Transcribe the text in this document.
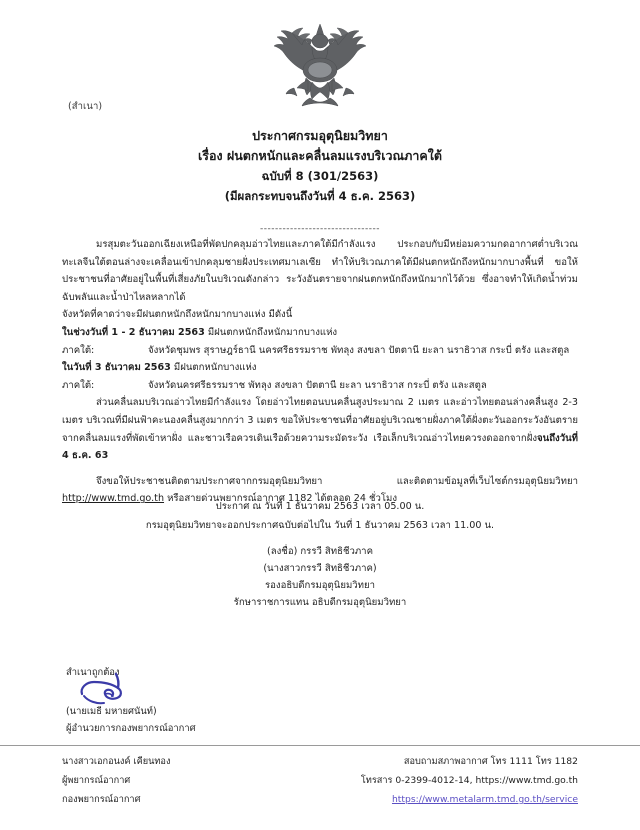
(สำเนา)
ประกาศกรมอุตุนิยมวิทยา
เรื่อง ฝนตกหนักและคลื่นลมแรงบริเวณภาคใต้
ฉบับที่ 8 (301/2563)
(มีผลกระทบจนถึงวันที่ 4 ธ.ค. 2563)
--------------------------------

มรสุมตะวันออกเฉียงเหนือที่พัดปกคลุมอ่าวไทยและภาคใต้มีกำลังแรง ประกอบกับมีหย่อมความกดอากาศต่ำบริเวณทะเลจีนใต้ตอนล่างจะเคลื่อนเข้าปกคลุมชายฝั่งประเทศมาเลเซีย ทำให้บริเวณภาคใต้มีฝนตกหนักถึงหนักมากบางพื้นที่ ขอให้ประชาชนที่อาศัยอยู่ในพื้นที่เสี่ยงภัยในบริเวณดังกล่าว ระวังอันตรายจากฝนตกหนักถึงหนักมากไว้ด้วย ซึ่งอาจทำให้เกิดน้ำท่วมฉับพลันและน้ำป่าไหลหลากได้

จังหวัดที่คาดว่าจะมีฝนตกหนักถึงหนักมากบางแห่ง มีดังนี้

ในช่วงวันที่ 1 - 2 ธันวาคม 2563 มีฝนตกหนักถึงหนักมากบางแห่ง

ภาคใต้:	จังหวัดชุมพร สุราษฎร์ธานี นครศรีธรรมราช พัทลุง สงขลา ปัตตานี ยะลา นราธิวาส กระบี่ ตรัง และสตูล

ในวันที่ 3 ธันวาคม 2563 มีฝนตกหนักบางแห่ง

ภาคใต้:	จังหวัดนครศรีธรรมราช พัทลุง สงขลา ปัตตานี ยะลา นราธิวาส กระบี่ ตรัง และสตูล

ส่วนคลื่นลมบริเวณอ่าวไทยมีกำลังแรง โดยอ่าวไทยตอนบนคลื่นสูงประมาณ 2 เมตร และอ่าวไทยตอนล่างคลื่นสูง 2-3 เมตร บริเวณที่มีฝนฟ้าคะนองคลื่นสูงมากกว่า 3 เมตร ขอให้ประชาชนที่อาศัยอยู่บริเวณชายฝั่งภาคใต้ฝั่งตะวันออกระวังอันตรายจากคลื่นลมแรงที่พัดเข้าหาฝั่ง และชาวเรือควรเดินเรือด้วยความระมัดระวัง เรือเล็กบริเวณอ่าวไทยควรงดออกจากฝั่งจนถึงวันที่ 4 ธ.ค. 63

จึงขอให้ประชาชนติดตามประกาศจากกรมอุตุนิยมวิทยา และติดตามข้อมูลที่เว็บไซต์กรมอุตุนิยมวิทยา http://www.tmd.go.th หรือสายด่วนพยากรณ์อากาศ 1182 ได้ตลอด 24 ชั่วโมง

ประกาศ ณ วันที่ 1 ธันวาคม 2563 เวลา 05.00 น.
กรมอุตุนิยมวิทยาจะออกประกาศฉบับต่อไปใน วันที่ 1 ธันวาคม 2563 เวลา 11.00 น.
(ลงชื่อ) กรรวี สิทธิชีวภาค
(นางสาวกรรวี สิทธิชีวภาค)
รองอธิบดีกรมอุตุนิยมวิทยา
รักษาราชการแทน อธิบดีกรมอุตุนิยมวิทยา
สำเนาถูกต้อง
(นายเมธี มหายศนันท์)
ผู้อำนวยการกองพยากรณ์อากาศ
นางสาวเอกอนงค์ เคียนทอง
ผู้พยากรณ์อากาศ
กองพยากรณ์อากาศ
สอบถามสภาพอากาศ โทร 1111 โทร 1182
โทรสาร 0-2399-4012-14, https://www.tmd.go.th
https://www.metalarm.tmd.go.th/service
